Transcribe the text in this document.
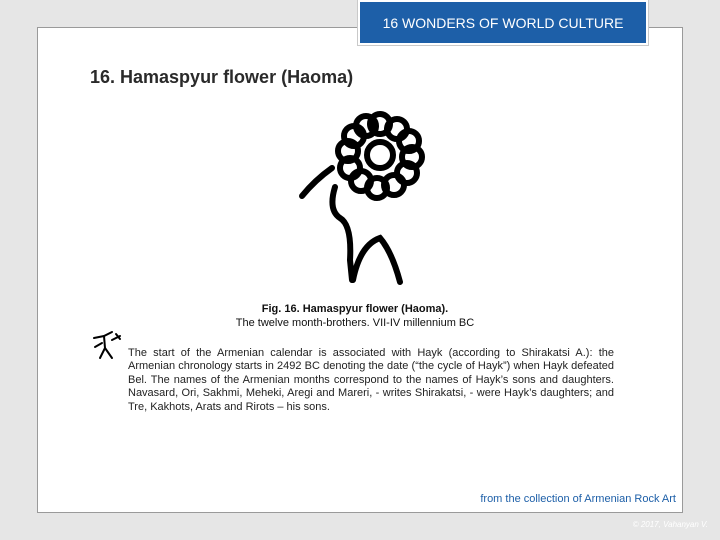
16 WONDERS OF WORLD CULTURE
16. Hamaspyur flower (Haoma)
Fig. 16. Hamaspyur flower (Haoma).
The twelve month-brothers. VII-IV millennium BC
The start of the Armenian calendar is associated with Hayk (according to Shirakatsi A.): the Armenian chronology starts in 2492 BC denoting the date (“the cycle of Hayk”) when Hayk defeated Bel. The names of the Armenian months correspond to the names of Hayk’s sons and daughters. Navasard, Ori, Sakhmi, Meheki, Aregi and Mareri, - writes Shirakatsi, - were Hayk’s daughters; and Tre, Kakhots, Arats and Rirots – his sons.
from the collection of Armenian Rock Art
© 2017, Vahanyan V.
